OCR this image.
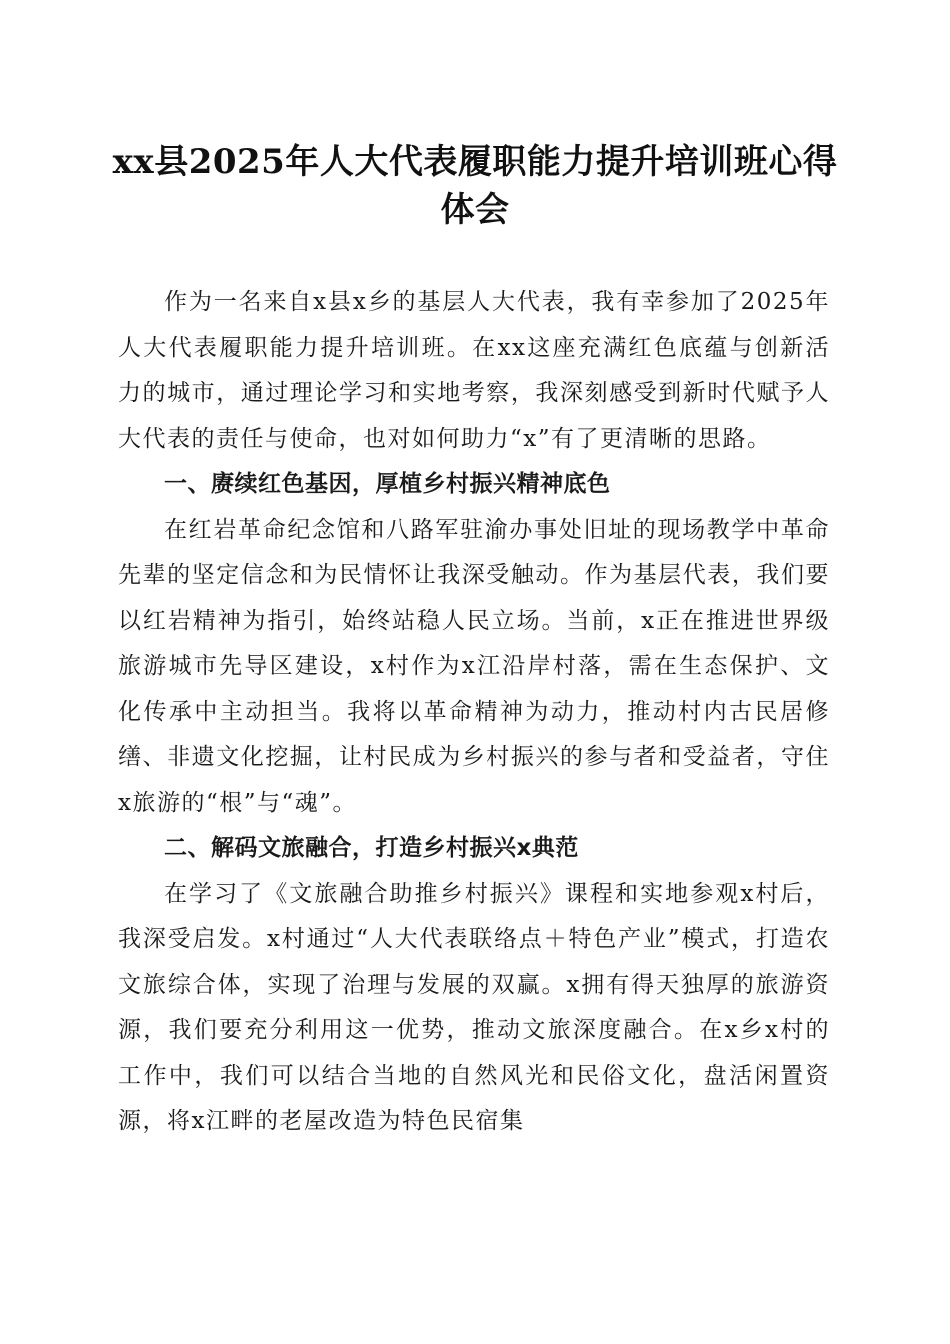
xx县2025年人大代表履职能力提升培训班心得体会

作为一名来自x县x乡的基层人大代表，我有幸参加了2025年人大代表履职能力提升培训班。在xx这座充满红色底蕴与创新活力的城市，通过理论学习和实地考察，我深刻感受到新时代赋予人大代表的责任与使命，也对如何助力“x”有了更清晰的思路。

一、赓续红色基因，厚植乡村振兴精神底色

在红岩革命纪念馆和八路军驻渝办事处旧址的现场教学中革命先辈的坚定信念和为民情怀让我深受触动。作为基层代表，我们要以红岩精神为指引，始终站稳人民立场。当前，x正在推进世界级旅游城市先导区建设，x村作为x江沿岸村落，需在生态保护、文化传承中主动担当。我将以革命精神为动力，推动村内古民居修缮、非遗文化挖掘，让村民成为乡村振兴的参与者和受益者，守住x旅游的“根”与“魂”。

二、解码文旅融合，打造乡村振兴x典范

在学习了《文旅融合助推乡村振兴》课程和实地参观x村后，我深受启发。x村通过“人大代表联络点＋特色产业”模式，打造农文旅综合体，实现了治理与发展的双赢。x拥有得天独厚的旅游资源，我们要充分利用这一优势，推动文旅深度融合。在x乡x村的工作中，我们可以结合当地的自然风光和民俗文化，盘活闲置资源，将x江畔的老屋改造为特色民宿集
